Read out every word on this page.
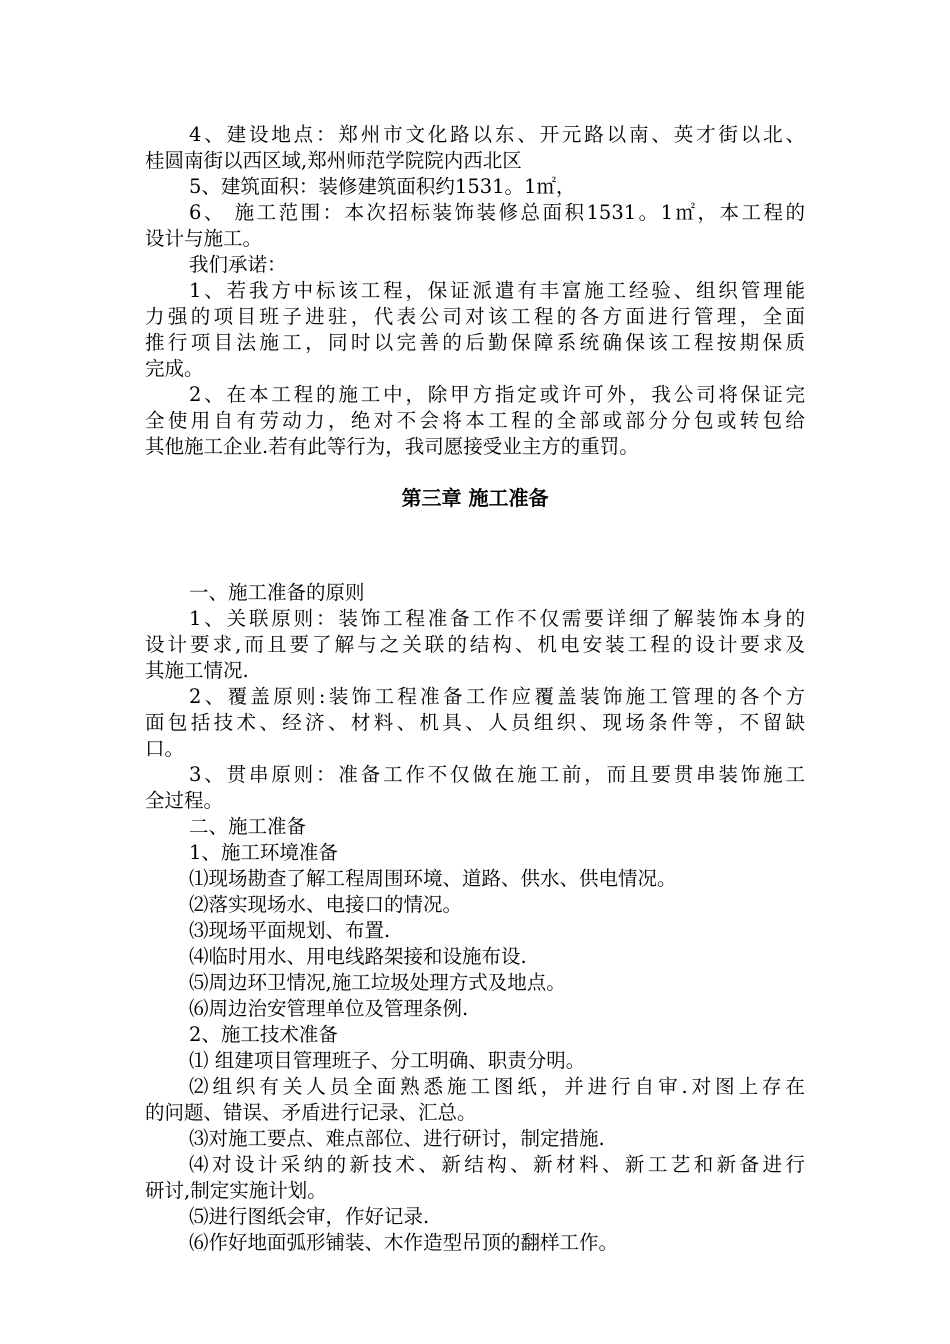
4、建设地点：郑州市文化路以东、开元路以南、英才街以北、
桂圆南街以西区域,郑州师范学院院内西北区
5、建筑面积：装修建筑面积约1531。1㎡，
6、 施工范围：本次招标装饰装修总面积1531。1㎡，本工程的
设计与施工。
我们承诺：
1、若我方中标该工程，保证派遣有丰富施工经验、组织管理能
力强的项目班子进驻，代表公司对该工程的各方面进行管理，全面
推行项目法施工，同时以完善的后勤保障系统确保该工程按期保质
完成。
2、在本工程的施工中，除甲方指定或许可外，我公司将保证完
全使用自有劳动力，绝对不会将本工程的全部或部分分包或转包给
其他施工企业.若有此等行为，我司愿接受业主方的重罚。
第三章 施工准备
一、施工准备的原则
1、关联原则：装饰工程准备工作不仅需要详细了解装饰本身的
设计要求,而且要了解与之关联的结构、机电安装工程的设计要求及
其施工情况.
2、覆盖原则:装饰工程准备工作应覆盖装饰施工管理的各个方
面包括技术、经济、材料、机具、人员组织、现场条件等，不留缺
口。
3、贯串原则：准备工作不仅做在施工前，而且要贯串装饰施工
全过程。
二、施工准备
1、施工环境准备
⑴现场勘查了解工程周围环境、道路、供水、供电情况。
⑵落实现场水、电接口的情况。
⑶现场平面规划、布置.
⑷临时用水、用电线路架接和设施布设.
⑸周边环卫情况,施工垃圾处理方式及地点。
⑹周边治安管理单位及管理条例.
2、施工技术准备
⑴ 组建项目管理班子、分工明确、职责分明。
⑵组织有关人员全面熟悉施工图纸，并进行自审.对图上存在
的问题、错误、矛盾进行记录、汇总。
⑶对施工要点、难点部位、进行研讨，制定措施.
⑷对设计采纳的新技术、新结构、新材料、新工艺和新备进行
研讨,制定实施计划。
⑸进行图纸会审，作好记录.
⑹作好地面弧形铺装、木作造型吊顶的翻样工作。
